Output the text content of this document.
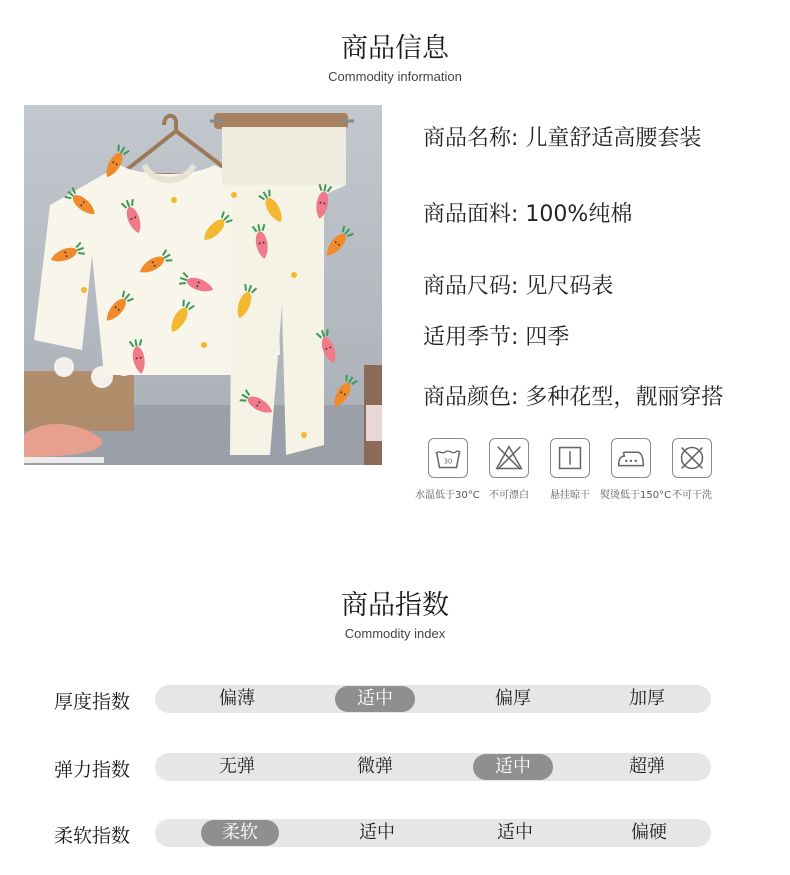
商品信息
Commodity information
商品名称: 儿童舒适高腰套装
商品面料: 100%纯棉
商品尺码: 见尺码表
适用季节: 四季
商品颜色: 多种花型，靓丽穿搭
30
水温低于30°C 不可漂白 悬挂晾干 熨烫低于150°C 不可干洗
商品指数
Commodity index
厚度指数	偏薄	适中	偏厚	加厚
弹力指数	无弹	微弹	适中	超弹
柔软指数	柔软	适中	适中	偏硬
